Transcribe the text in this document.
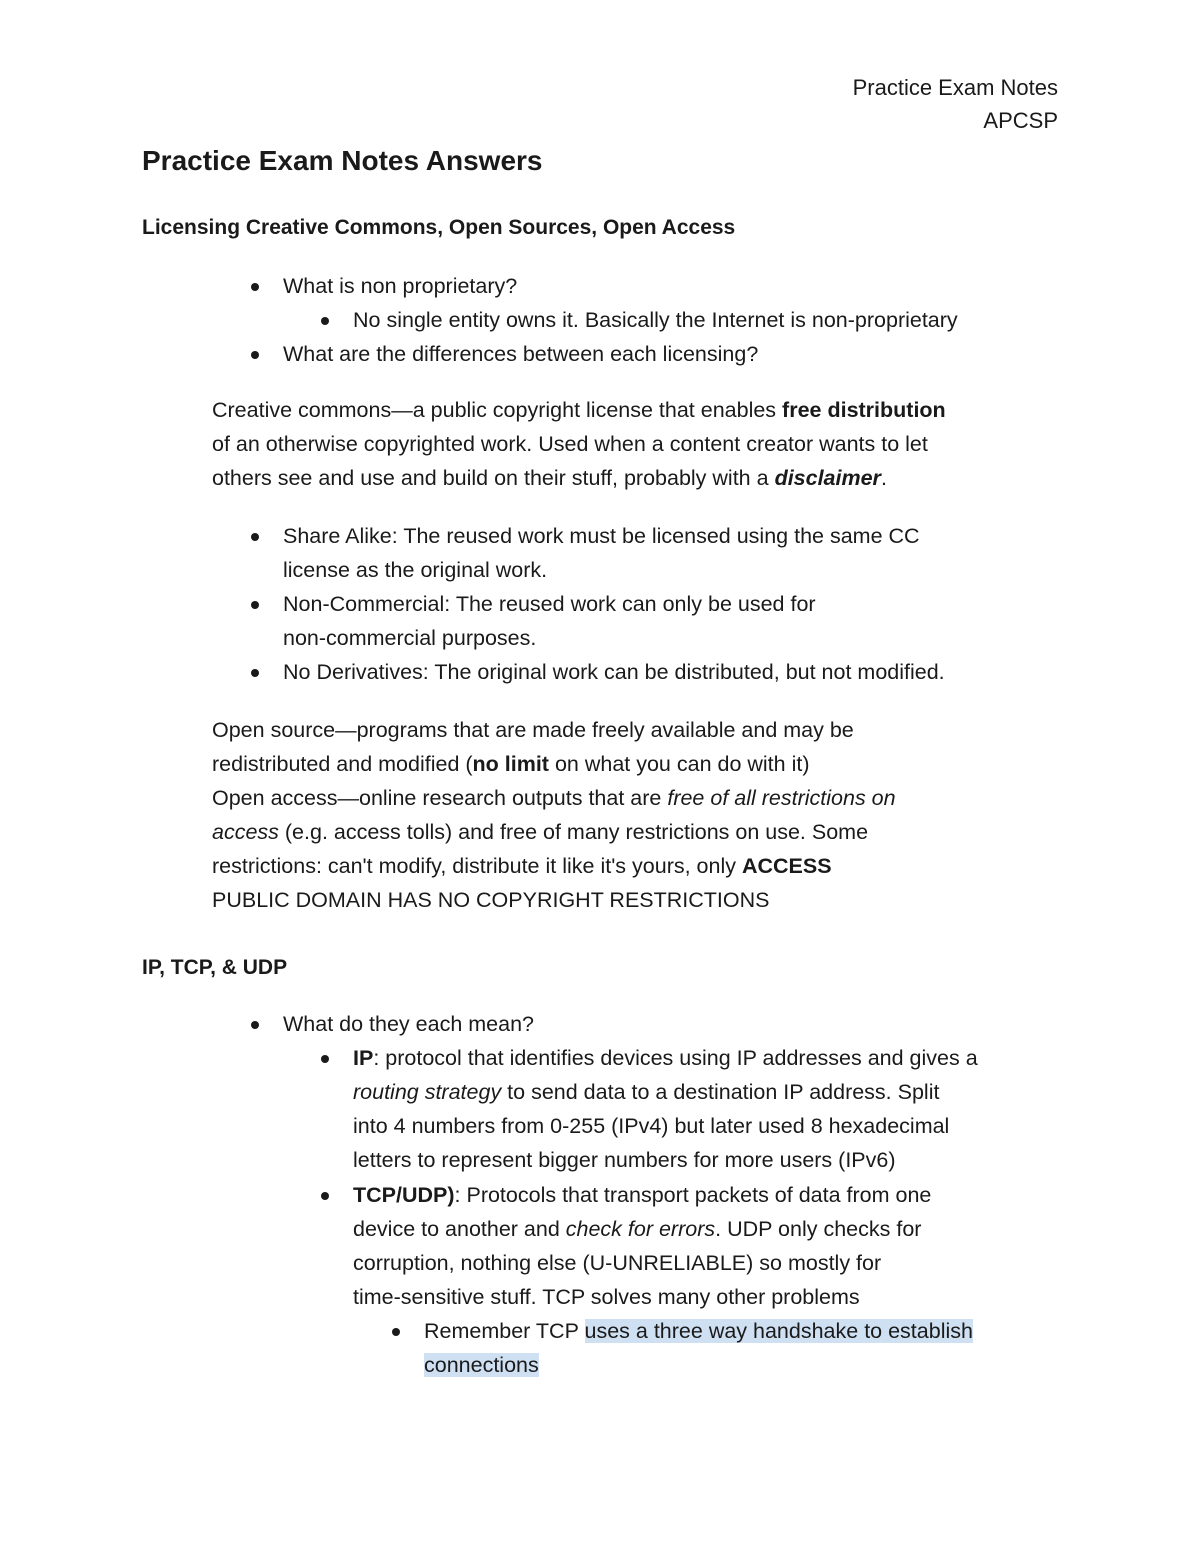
Practice Exam Notes
APCSP
Practice Exam Notes Answers
Licensing Creative Commons, Open Sources, Open Access
What is non proprietary?
No single entity owns it. Basically the Internet is non-proprietary
What are the differences between each licensing?
Creative commons—a public copyright license that enables free distribution
of an otherwise copyrighted work. Used when a content creator wants to let
others see and use and build on their stuff, probably with a disclaimer.
Share Alike: The reused work must be licensed using the same CC
license as the original work.
Non-Commercial: The reused work can only be used for
non-commercial purposes.
No Derivatives: The original work can be distributed, but not modified.
Open source—programs that are made freely available and may be
redistributed and modified (no limit on what you can do with it)
Open access—online research outputs that are free of all restrictions on
access (e.g. access tolls) and free of many restrictions on use. Some
restrictions: can't modify, distribute it like it's yours, only ACCESS
PUBLIC DOMAIN HAS NO COPYRIGHT RESTRICTIONS
IP, TCP, & UDP
What do they each mean?
IP: protocol that identifies devices using IP addresses and gives a
routing strategy to send data to a destination IP address. Split
into 4 numbers from 0-255 (IPv4) but later used 8 hexadecimal
letters to represent bigger numbers for more users (IPv6)
TCP/UDP): Protocols that transport packets of data from one
device to another and check for errors. UDP only checks for
corruption, nothing else (U-UNRELIABLE) so mostly for
time-sensitive stuff. TCP solves many other problems
Remember TCP uses a three way handshake to establish
connections
